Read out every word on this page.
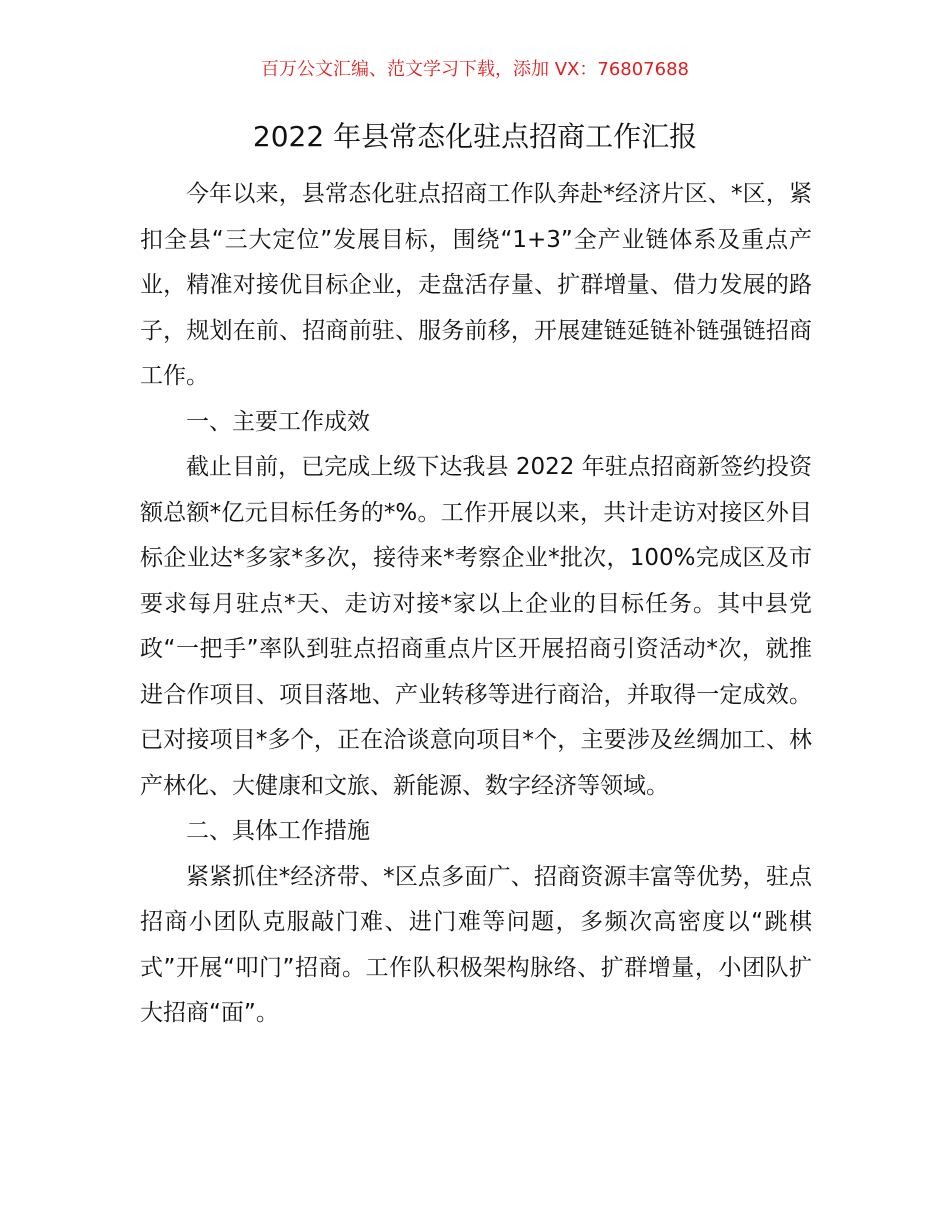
百万公文汇编、范文学习下载，添加 VX：76807688
2022 年县常态化驻点招商工作汇报

今年以来，县常态化驻点招商工作队奔赴*经济片区、*区，紧扣全县“三大定位”发展目标，围绕“1+3”全产业链体系及重点产业，精准对接优目标企业，走盘活存量、扩群增量、借力发展的路子，规划在前、招商前驻、服务前移，开展建链延链补链强链招商工作。

一、主要工作成效

截止目前，已完成上级下达我县 2022 年驻点招商新签约投资额总额*亿元目标任务的*%。工作开展以来，共计走访对接区外目标企业达*多家*多次，接待来*考察企业*批次，100%完成区及市要求每月驻点*天、走访对接*家以上企业的目标任务。其中县党政“一把手”率队到驻点招商重点片区开展招商引资活动*次，就推进合作项目、项目落地、产业转移等进行商洽，并取得一定成效。已对接项目*多个，正在洽谈意向项目*个，主要涉及丝绸加工、林产林化、大健康和文旅、新能源、数字经济等领域。

二、具体工作措施

紧紧抓住*经济带、*区点多面广、招商资源丰富等优势，驻点招商小团队克服敲门难、进门难等问题，多频次高密度以“跳棋式”开展“叩门”招商。工作队积极架构脉络、扩群增量，小团队扩大招商“面”。
